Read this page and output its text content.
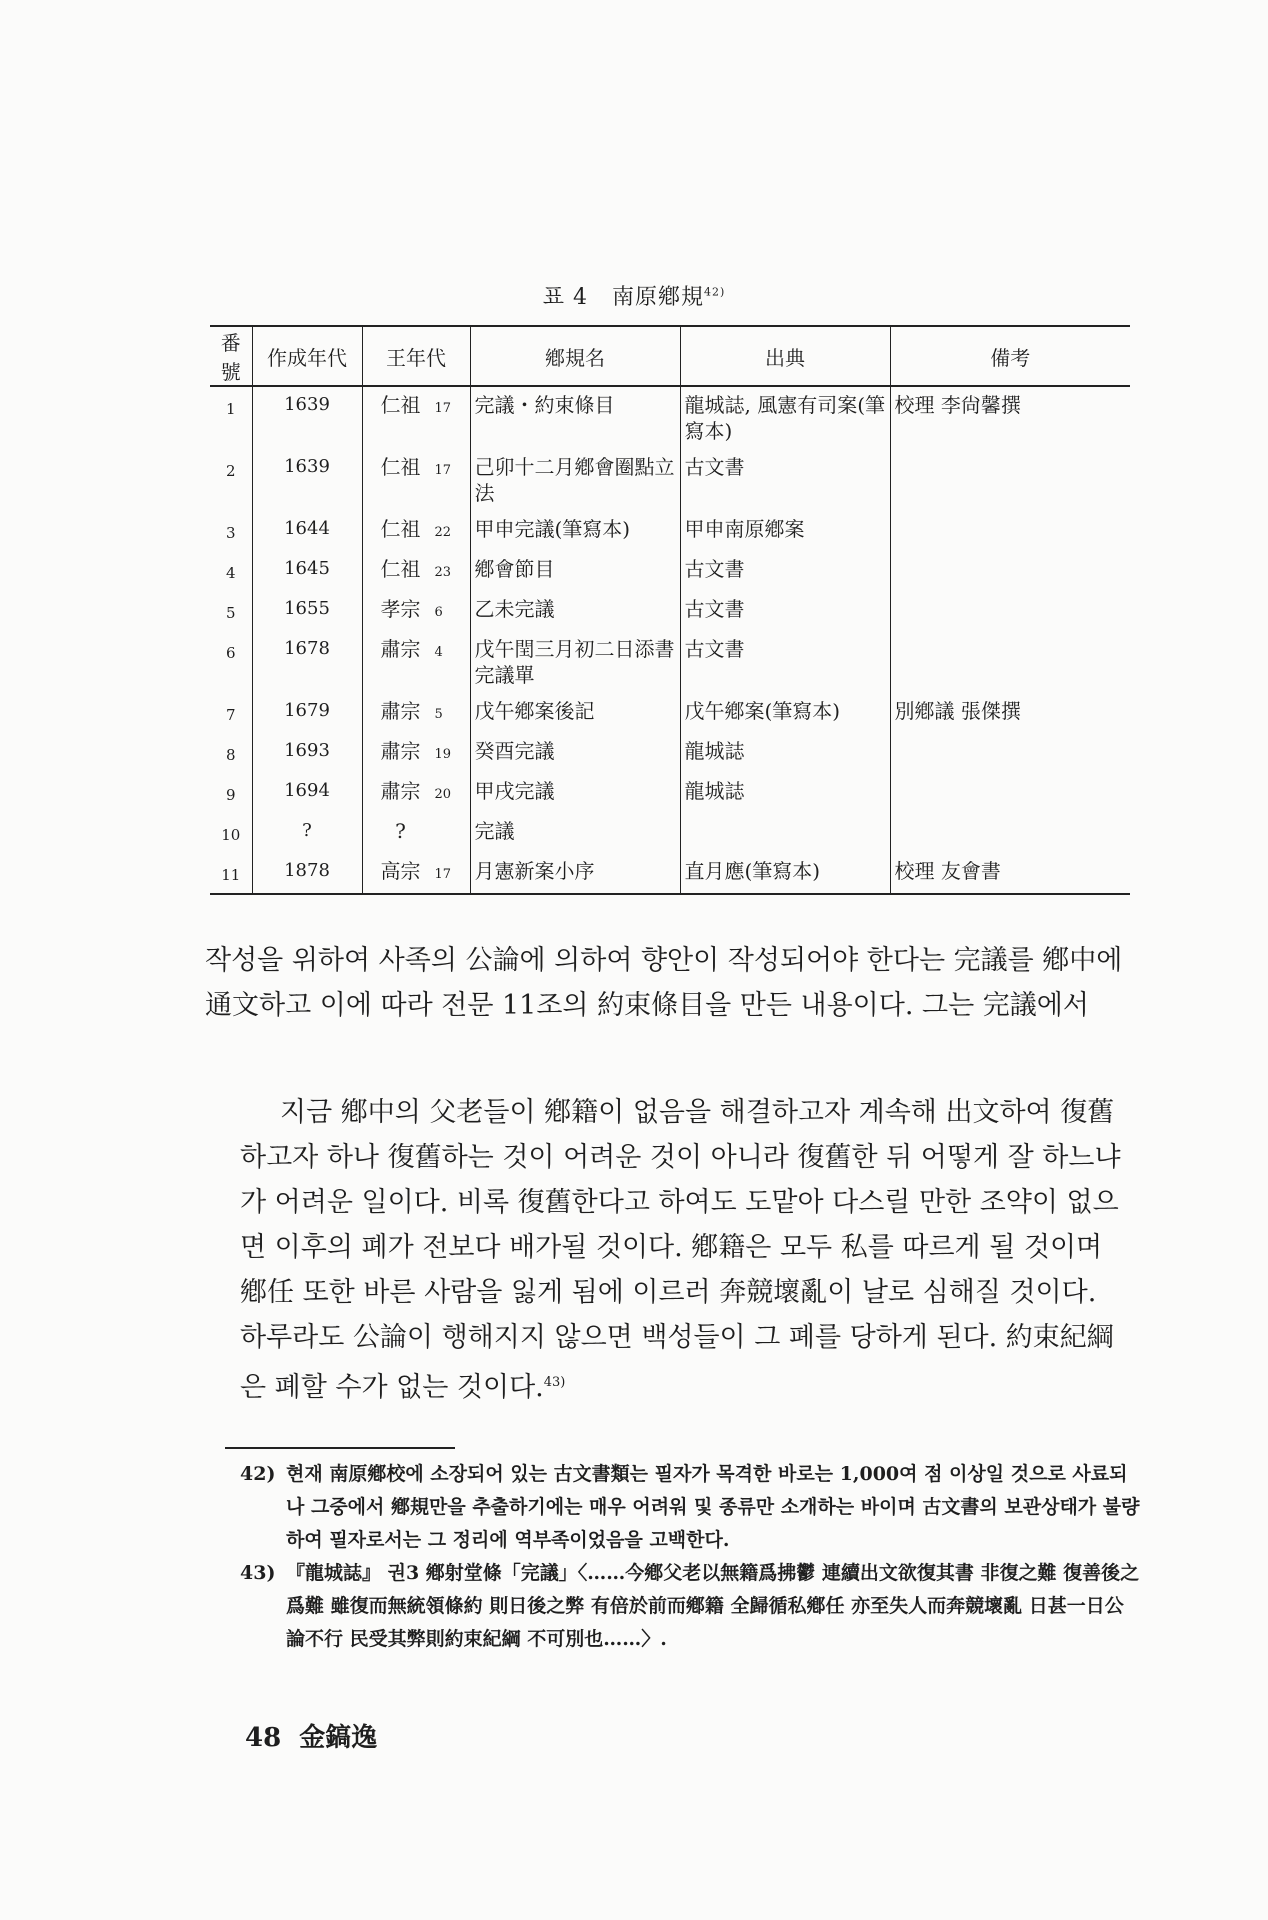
표 4 南原鄕規$^{42)}$
番號	作成年代	王年代	鄕規名	出典	備考
1	1639	仁祖 17	完議・約束條目	龍城誌, 風憲有司案(筆寫本)	校理 李尙馨撰
2	1639	仁祖 17	己卯十二月鄕會圈點立法	古文書	
3	1644	仁祖 22	甲申完議(筆寫本)	甲申南原鄕案	
4	1645	仁祖 23	鄕會節目	古文書	
5	1655	孝宗 6	乙未完議	古文書	
6	1678	肅宗 4	戊午閏三月初二日添書完議單	古文書	
7	1679	肅宗 5	戊午鄕案後記	戊午鄕案(筆寫本)	別鄕議 張傑撰
8	1693	肅宗 19	癸酉完議	龍城誌	
9	1694	肅宗 20	甲戌完議	龍城誌	
10	?	?	完議		
11	1878	高宗 17	月憲新案小序	直月應(筆寫本)	校理 友會書

작성을 위하여 사족의 公論에 의하여 향안이 작성되어야 한다는 完議를 鄕中에 通文하고 이에 따라 전문 11조의 約束條目을 만든 내용이다. 그는 完議에서

지금 鄕中의 父老들이 鄕籍이 없음을 해결하고자 계속해 出文하여 復舊하고자 하나 復舊하는 것이 어려운 것이 아니라 復舊한 뒤 어떻게 잘 하느냐가 어려운 일이다. 비록 復舊한다고 하여도 도맡아 다스릴 만한 조약이 없으면 이후의 폐가 전보다 배가될 것이다. 鄕籍은 모두 私를 따르게 될 것이며 鄕任 또한 바른 사람을 잃게 됨에 이르러 奔競壞亂이 날로 심해질 것이다. 하루라도 公論이 행해지지 않으면 백성들이 그 폐를 당하게 된다. 約束紀綱은 폐할 수가 없는 것이다.$^{43)}$

42) 현재 南原鄕校에 소장되어 있는 古文書類는 필자가 목격한 바로는 1,000여 점 이상일 것으로 사료되나 그중에서 鄕規만을 추출하기에는 매우 어려워 및 종류만 소개하는 바이며 古文書의 보관상태가 불량하여 필자로서는 그 정리에 역부족이었음을 고백한다.

43) 『龍城誌』 권3 鄕射堂條「完議」〈……今鄕父老以無籍爲拂鬱 連續出文欲復其書 非復之難 復善後之爲難 雖復而無統領條約 則日後之弊 有倍於前而鄕籍 全歸循私鄕任 亦至失人而奔競壞亂 日甚一日公論不行 民受其弊則約束紀綱 不可別也……〉.

48 金鎬逸
